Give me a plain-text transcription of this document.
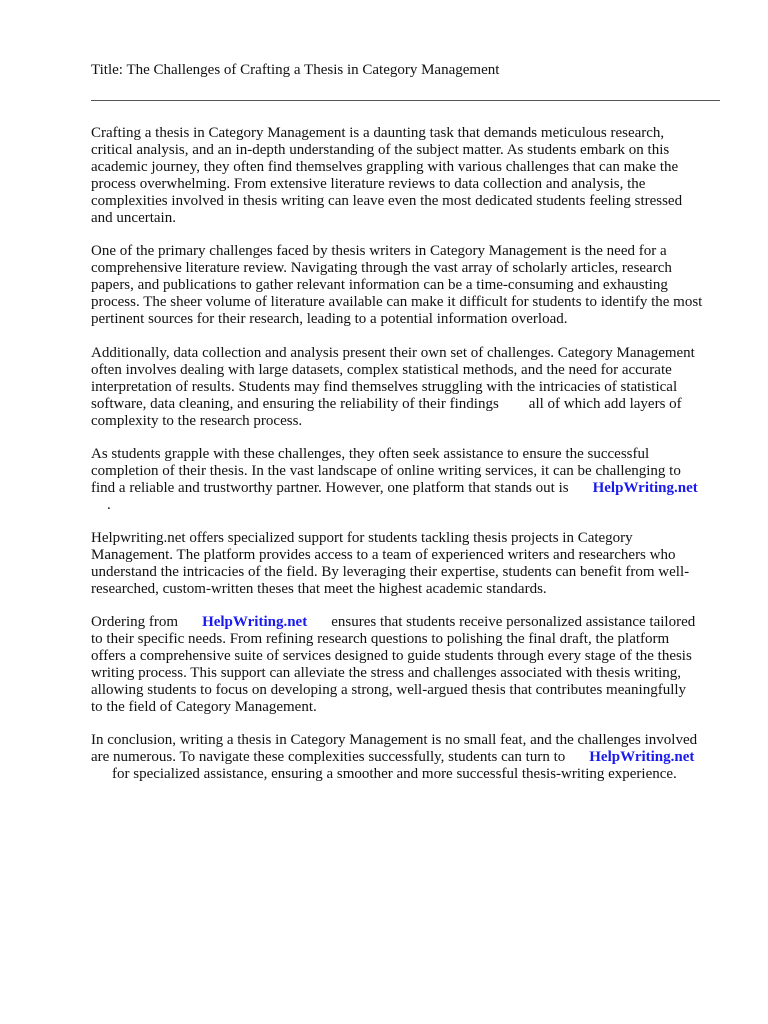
Title: The Challenges of Crafting a Thesis in Category Management
Crafting a thesis in Category Management is a daunting task that demands meticulous research,
critical analysis, and an in-depth understanding of the subject matter. As students embark on this
academic journey, they often find themselves grappling with various challenges that can make the
process overwhelming. From extensive literature reviews to data collection and analysis, the
complexities involved in thesis writing can leave even the most dedicated students feeling stressed
and uncertain.
One of the primary challenges faced by thesis writers in Category Management is the need for a
comprehensive literature review. Navigating through the vast array of scholarly articles, research
papers, and publications to gather relevant information can be a time-consuming and exhausting
process. The sheer volume of literature available can make it difficult for students to identify the most
pertinent sources for their research, leading to a potential information overload.
Additionally, data collection and analysis present their own set of challenges. Category Management
often involves dealing with large datasets, complex statistical methods, and the need for accurate
interpretation of results. Students may find themselves struggling with the intricacies of statistical
software, data cleaning, and ensuring the reliability of their findings all of which add layers of
complexity to the research process.
As students grapple with these challenges, they often seek assistance to ensure the successful
completion of their thesis. In the vast landscape of online writing services, it can be challenging to
find a reliable and trustworthy partner. However, one platform that stands out is HelpWriting.net
.
Helpwriting.net offers specialized support for students tackling thesis projects in Category
Management. The platform provides access to a team of experienced writers and researchers who
understand the intricacies of the field. By leveraging their expertise, students can benefit from well-
researched, custom-written theses that meet the highest academic standards.
Ordering from HelpWriting.net ensures that students receive personalized assistance tailored
to their specific needs. From refining research questions to polishing the final draft, the platform
offers a comprehensive suite of services designed to guide students through every stage of the thesis
writing process. This support can alleviate the stress and challenges associated with thesis writing,
allowing students to focus on developing a strong, well-argued thesis that contributes meaningfully
to the field of Category Management.
In conclusion, writing a thesis in Category Management is no small feat, and the challenges involved
are numerous. To navigate these complexities successfully, students can turn to HelpWriting.net
for specialized assistance, ensuring a smoother and more successful thesis-writing experience.
